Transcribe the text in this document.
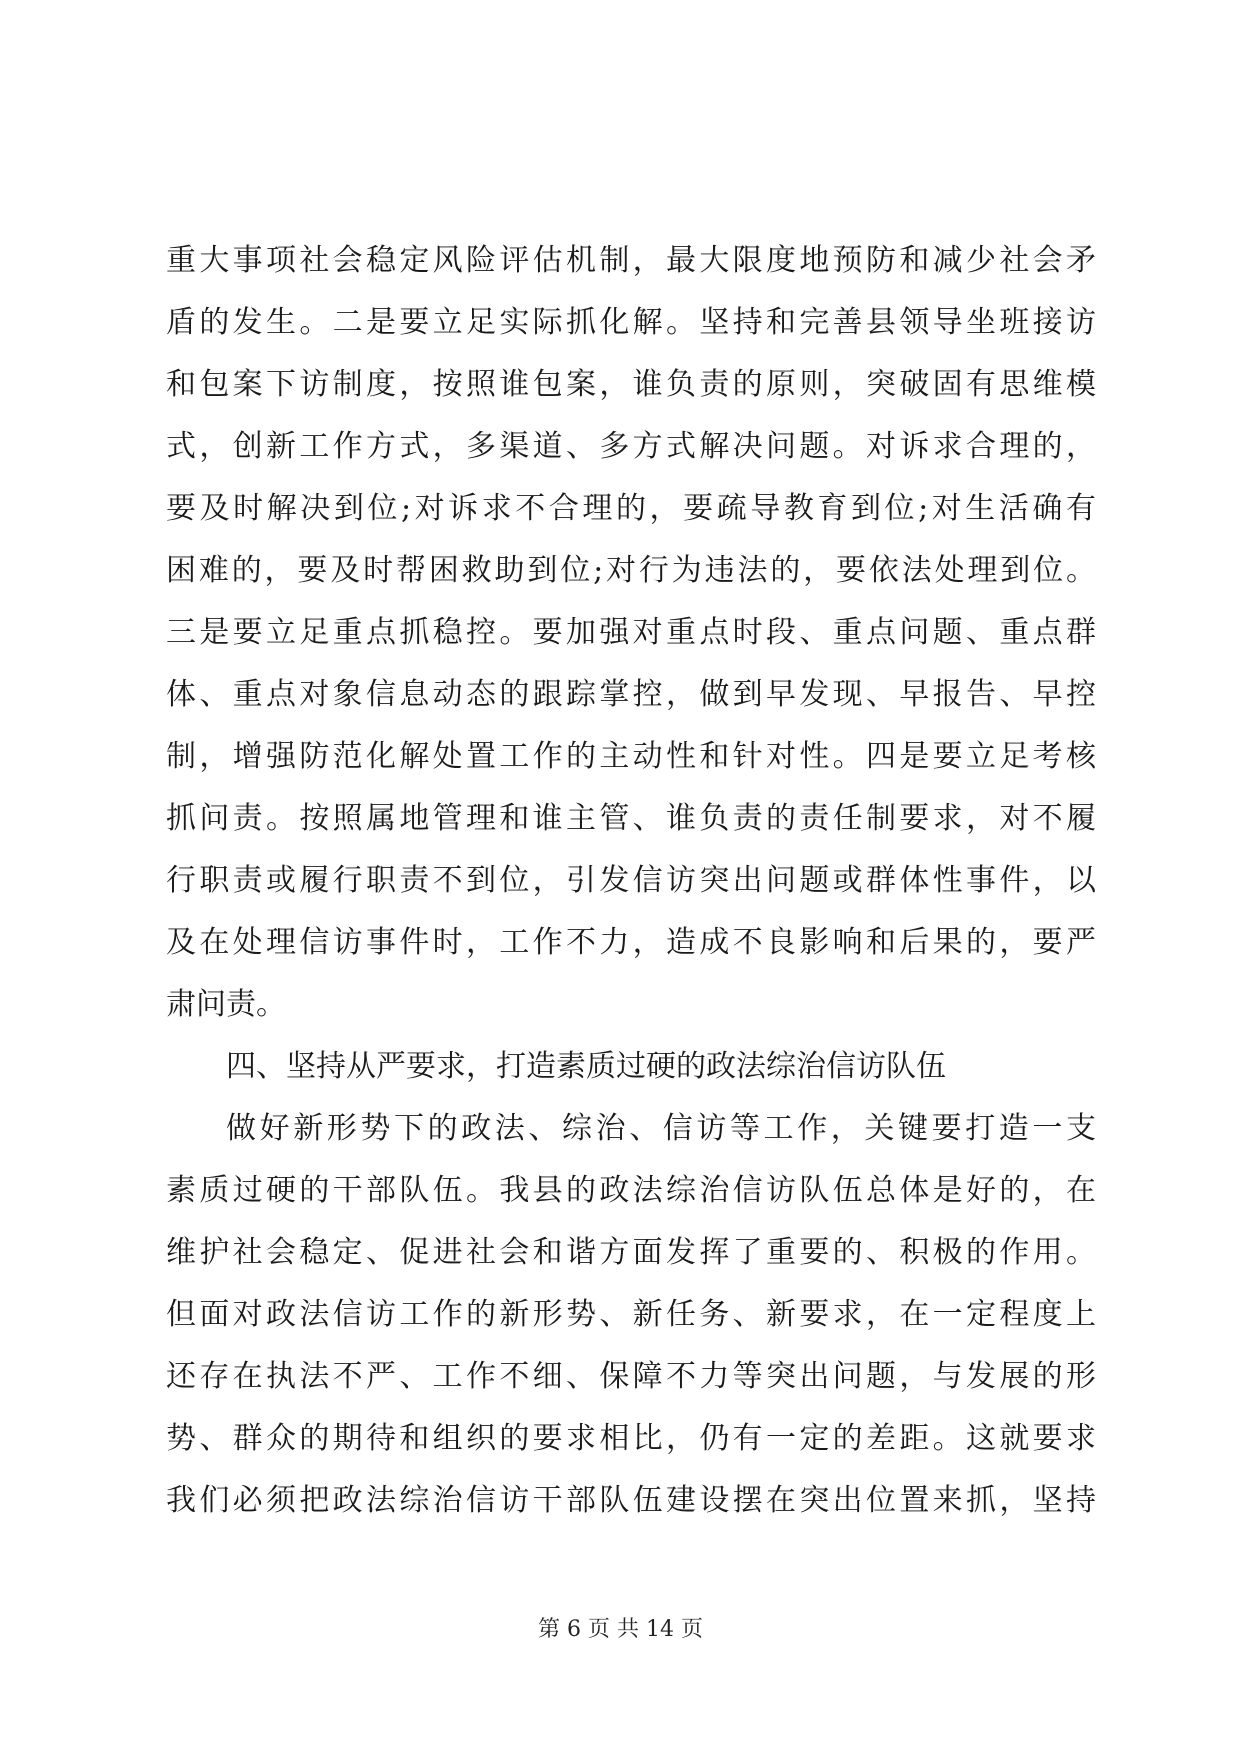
重大事项社会稳定风险评估机制，最大限度地预防和减少社会矛
盾的发生。二是要立足实际抓化解。坚持和完善县领导坐班接访
和包案下访制度，按照谁包案，谁负责的原则，突破固有思维模
式，创新工作方式，多渠道、多方式解决问题。对诉求合理的，
要及时解决到位;对诉求不合理的，要疏导教育到位;对生活确有
困难的，要及时帮困救助到位;对行为违法的，要依法处理到位。
三是要立足重点抓稳控。要加强对重点时段、重点问题、重点群
体、重点对象信息动态的跟踪掌控，做到早发现、早报告、早控
制，增强防范化解处置工作的主动性和针对性。四是要立足考核
抓问责。按照属地管理和谁主管、谁负责的责任制要求，对不履
行职责或履行职责不到位，引发信访突出问题或群体性事件，以
及在处理信访事件时，工作不力，造成不良影响和后果的，要严
肃问责。
四、坚持从严要求，打造素质过硬的政法综治信访队伍
做好新形势下的政法、综治、信访等工作，关键要打造一支
素质过硬的干部队伍。我县的政法综治信访队伍总体是好的，在
维护社会稳定、促进社会和谐方面发挥了重要的、积极的作用。
但面对政法信访工作的新形势、新任务、新要求，在一定程度上
还存在执法不严、工作不细、保障不力等突出问题，与发展的形
势、群众的期待和组织的要求相比，仍有一定的差距。这就要求
我们必须把政法综治信访干部队伍建设摆在突出位置来抓，坚持
第 6 页 共 14 页
